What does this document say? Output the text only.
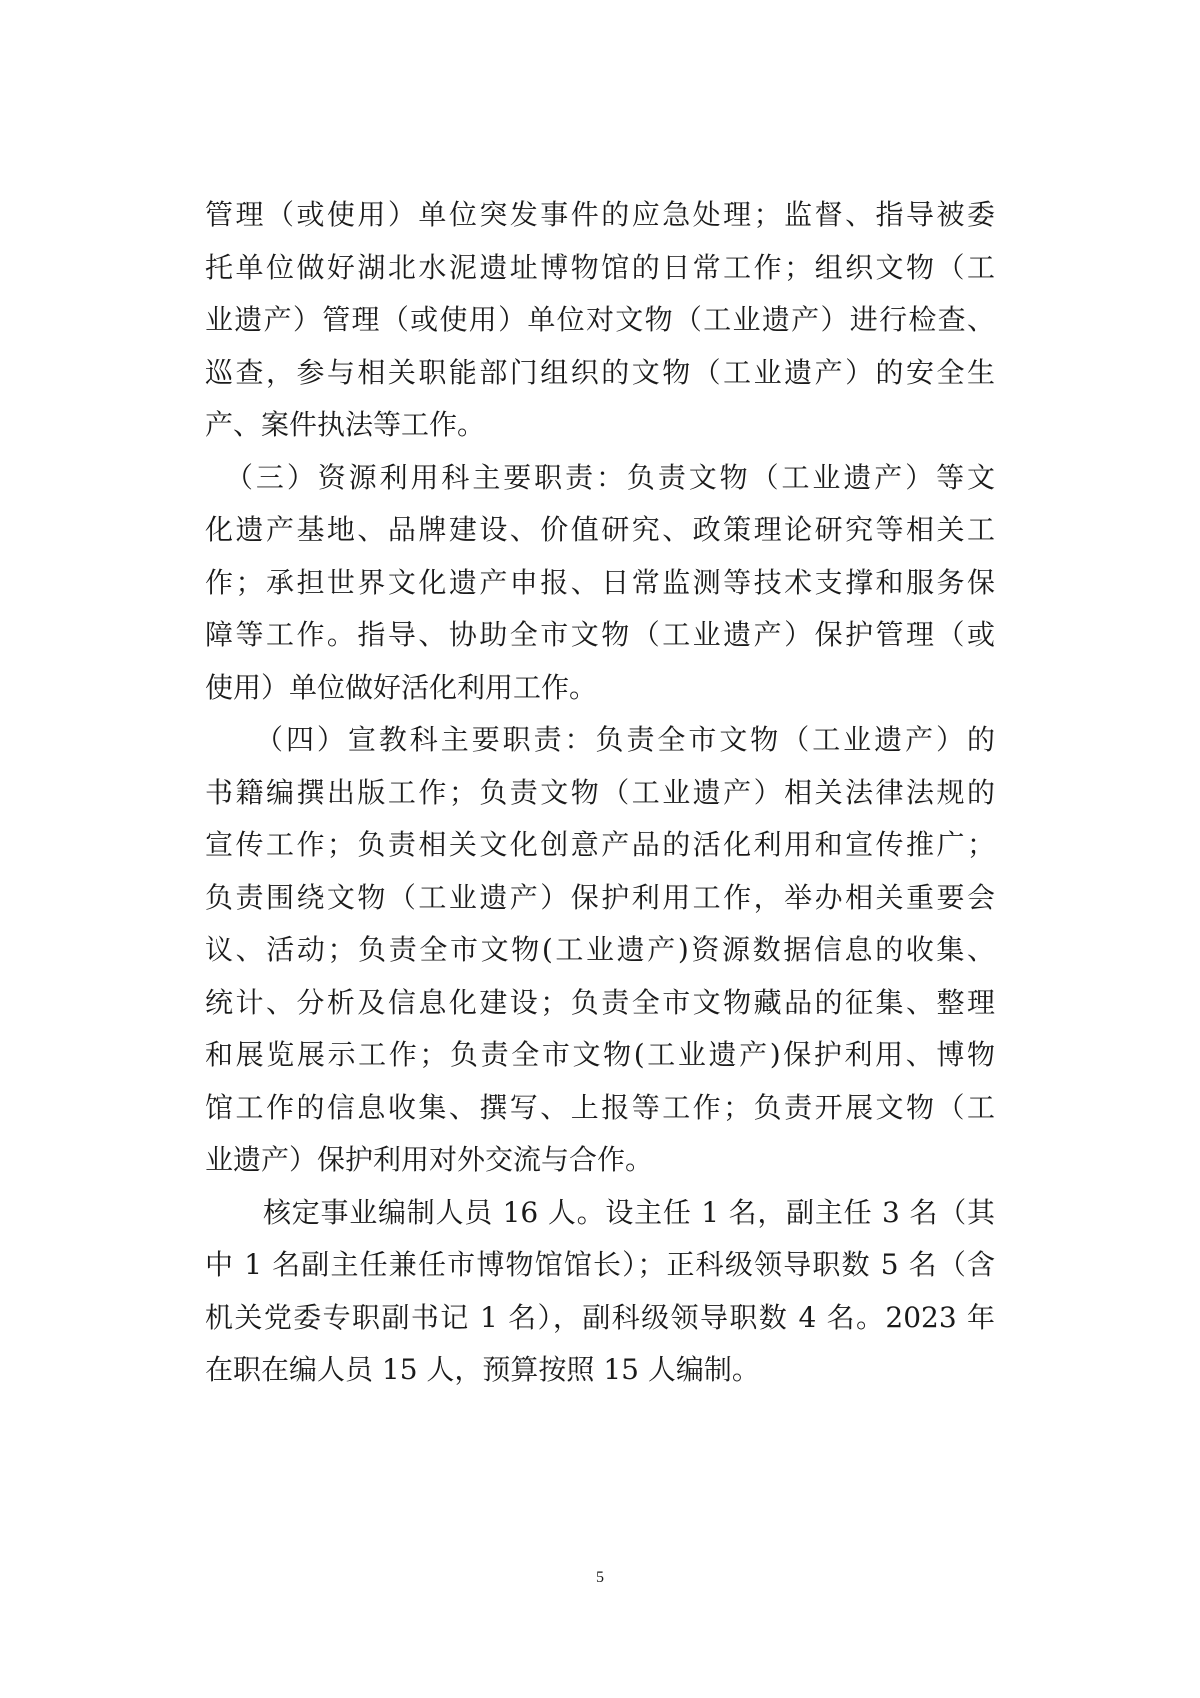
管理（或使用）单位突发事件的应急处理；监督、指导被委
托单位做好湖北水泥遗址博物馆的日常工作；组织文物（工
业遗产）管理（或使用）单位对文物（工业遗产）进行检查、
巡查，参与相关职能部门组织的文物（工业遗产）的安全生
产、案件执法等工作。
（三）资源利用科主要职责：负责文物（工业遗产）等文
化遗产基地、品牌建设、价值研究、政策理论研究等相关工
作；承担世界文化遗产申报、日常监测等技术支撑和服务保
障等工作。指导、协助全市文物（工业遗产）保护管理（或
使用）单位做好活化利用工作。
（四）宣教科主要职责：负责全市文物（工业遗产）的
书籍编撰出版工作；负责文物（工业遗产）相关法律法规的
宣传工作；负责相关文化创意产品的活化利用和宣传推广；
负责围绕文物（工业遗产）保护利用工作，举办相关重要会
议、活动；负责全市文物(工业遗产)资源数据信息的收集、
统计、分析及信息化建设；负责全市文物藏品的征集、整理
和展览展示工作；负责全市文物(工业遗产)保护利用、博物
馆工作的信息收集、撰写、上报等工作；负责开展文物（工
业遗产）保护利用对外交流与合作。
核定事业编制人员 16 人。设主任 1 名，副主任 3 名（其
中 1 名副主任兼任市博物馆馆长）；正科级领导职数 5 名（含
机关党委专职副书记 1 名），副科级领导职数 4 名。2023 年
在职在编人员 15 人，预算按照 15 人编制。
5
